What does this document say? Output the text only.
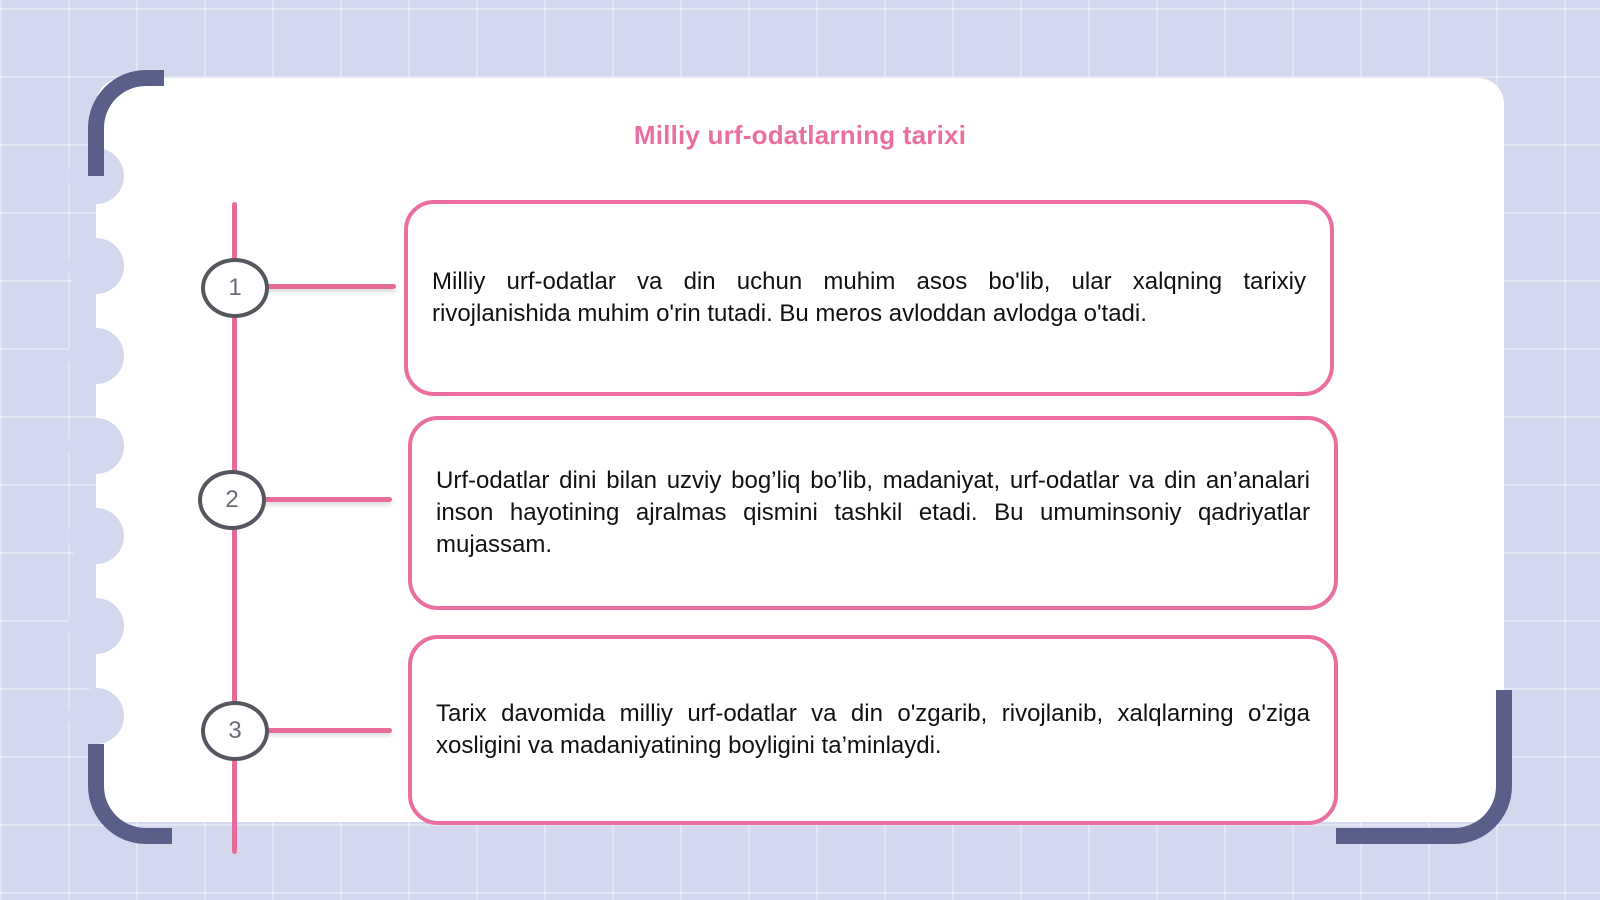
Milliy urf-odatlarning tarixi
1	Milliy urf-odatlar va din uchun muhim asos bo'lib, ular xalqning tarixiy rivojlanishida muhim o'rin tutadi. Bu meros avloddan avlodga o'tadi.

2

Urf-odatlar dini bilan uzviy bog’liq bo’lib, madaniyat, urf-odatlar va din an’analari inson hayotining ajralmas qismini tashkil etadi. Bu umuminsoniy qadriyatlar mujassam.

3

Tarix davomida milliy urf-odatlar va din o'zgarib, rivojlanib, xalqlarning o'ziga xosligini va madaniyatining boyligini ta’minlaydi.
